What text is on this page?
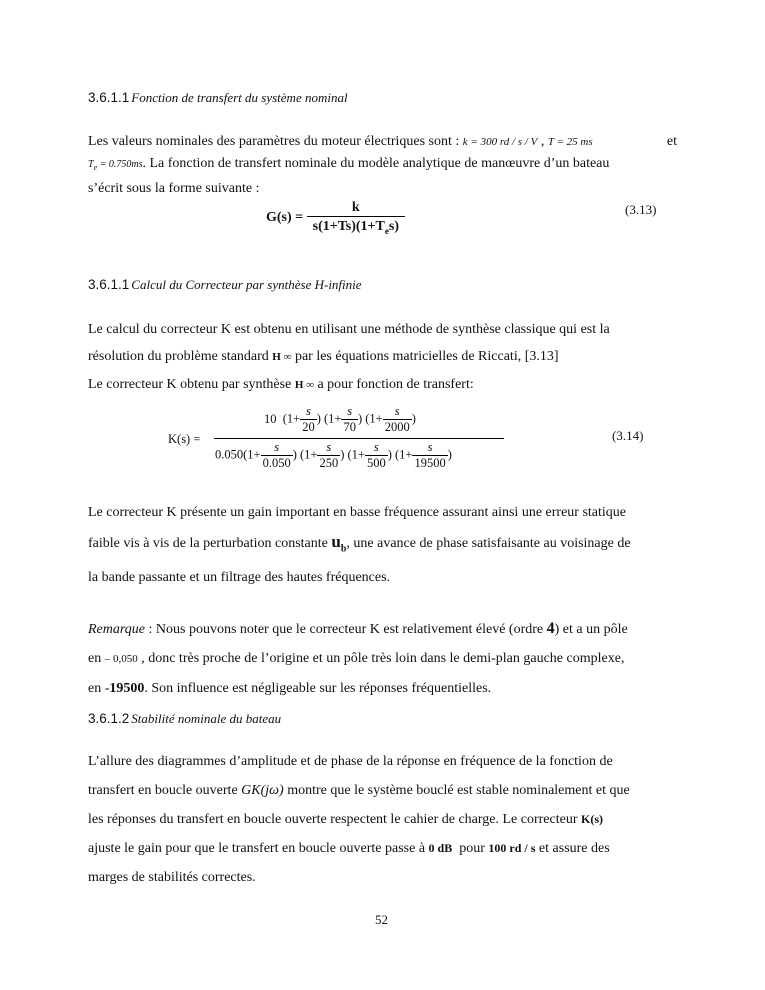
3.6.1.1 Fonction de transfert du système nominal
Les valeurs nominales des paramètres du moteur électriques sont : k = 300 rd / s / V , T = 25 ms	et
$T_e = 0.750ms$. La fonction de transfert nominale du modèle analytique de manœuvre d’un bateau
s’écrit sous la forme suivante :
$G(s) = \frac{k}{s(1+Ts)(1+T_es)}$	(3.13)
3.6.1.1 Calcul du Correcteur par synthèse H-infinie
Le calcul du correcteur K est obtenu en utilisant une méthode de synthèse classique qui est la
résolution du problème standard H ∞ par les équations matricielles de Riccati, [3.13]
Le correcteur K obtenu par synthèse H ∞ a pour fonction de transfert:
K(s) =
10  ($1+ \frac{s}{20}$ ) ($1+ \frac{s}{70}$ ) ($1+ \frac{s}{2000}$ )
$0.050(1+ \frac{s}{0.050}$ ) ($1+ \frac{s}{250}$ ) ($1+ \frac{s}{500}$ ) ($1+ \frac{s}{19500}$ )
(3.14)
Le correcteur K présente un gain important en basse fréquence assurant ainsi une erreur statique
faible vis à vis de la perturbation constante $u_b$, une avance de phase satisfaisante au voisinage de
la bande passante et un filtrage des hautes fréquences.
Remarque : Nous pouvons noter que le correcteur K est relativement élevé (ordre 4) et a un pôle
en – 0,050 , donc très proche de l’origine et un pôle très loin dans le demi-plan gauche complexe,
en -19500. Son influence est négligeable sur les réponses fréquentielles.
3.6.1.2 Stabilité nominale du bateau
L’allure des diagrammes d’amplitude et de phase de la réponse en fréquence de la fonction de
transfert en boucle ouverte GK(jω) montre que le système bouclé est stable nominalement et que
les réponses du transfert en boucle ouverte respectent le cahier de charge. Le correcteur K(s)
ajuste le gain pour que le transfert en boucle ouverte passe à 0 dB pour 100 rd / s et assure des
marges de stabilités correctes.
52
